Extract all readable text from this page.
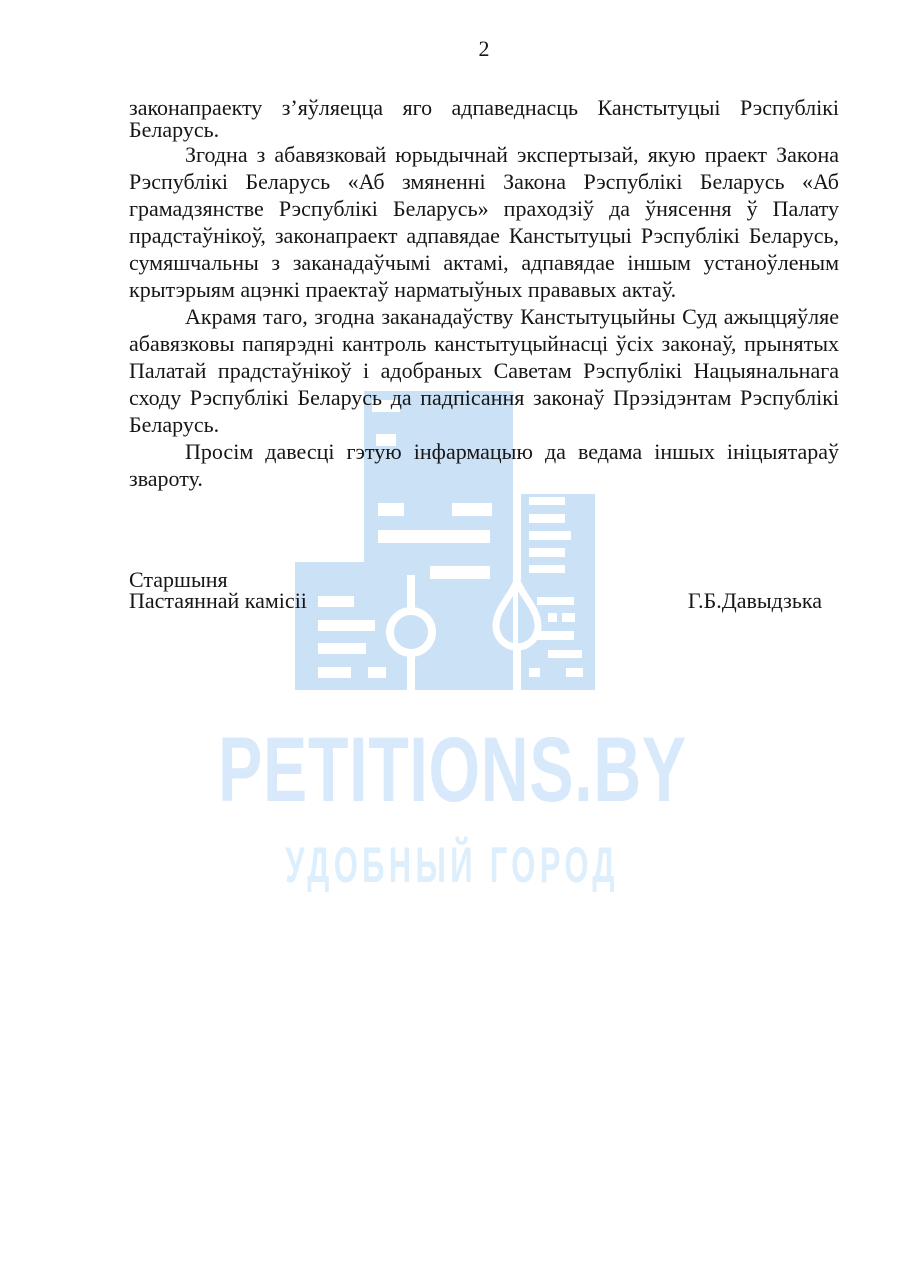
PETITIONS.BY
УДОБНЫЙ ГОРОД
2

законапраекту з’яўляецца яго адпаведнасць Канстытуцыі Рэспублікі Беларусь.

Згодна з абавязковай юрыдычнай экспертызай, якую праект Закона Рэспублікі Беларусь «Аб змяненні Закона Рэспублікі Беларусь «Аб грамадзянстве Рэспублікі Беларусь» праходзіў да ўнясення ў Палату прадстаўнікоў, законапраект адпавядае Канстытуцыі Рэспублікі Беларусь, сумяшчальны з заканадаўчымі актамі, адпавядае іншым устаноўленым крытэрыям ацэнкі праектаў нарматыўных прававых актаў.

Акрамя таго, згодна заканадаўству Канстытуцыйны Суд ажыццяўляе абавязковы папярэдні кантроль канстытуцыйнасці ўсіх законаў, прынятых Палатай прадстаўнікоў і адобраных Саветам Рэспублікі Нацыянальнага сходу Рэспублікі Беларусь да падпісання законаў Прэзідэнтам Рэспублікі Беларусь.

Просім давесці гэтую інфармацыю да ведама іншых ініцыятараў звароту.

Старшыня
Пастаяннай камісіі	Г.Б.Давыдзька
